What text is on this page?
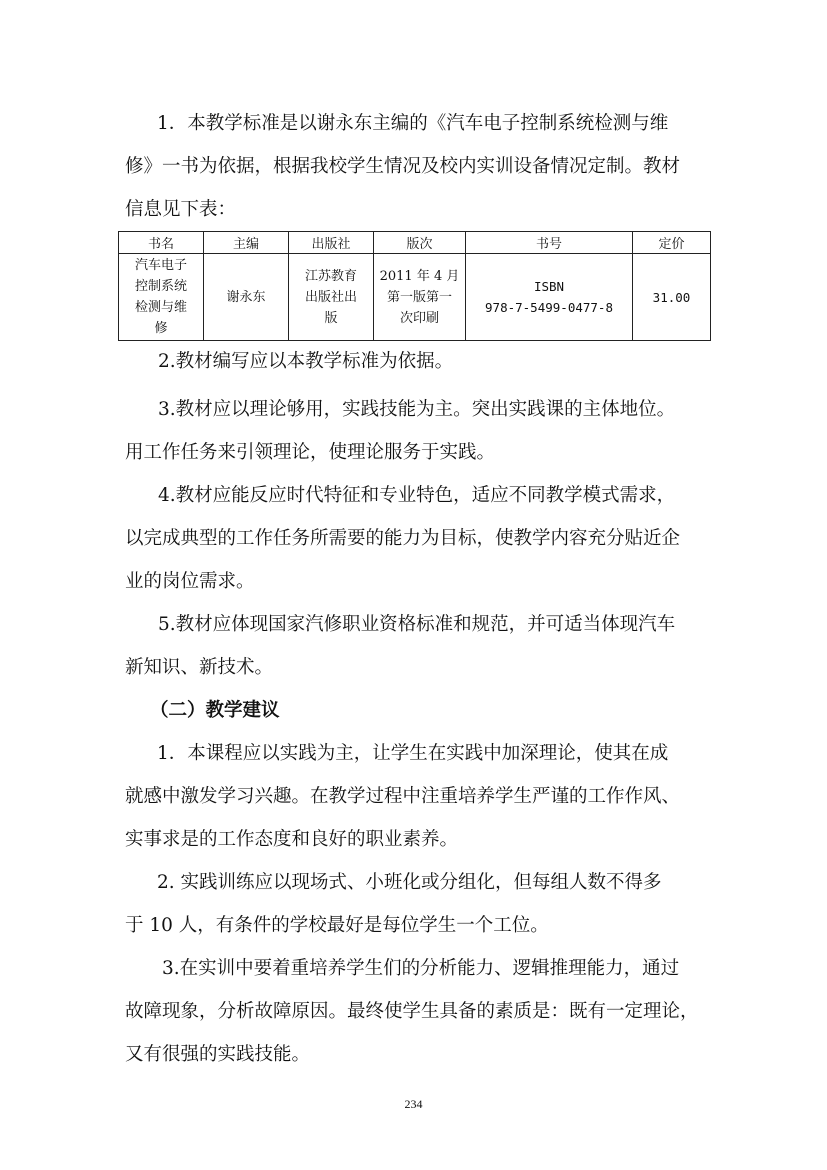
1．本教学标准是以谢永东主编的《汽车电子控制系统检测与维
修》一书为依据，根据我校学生情况及校内实训设备情况定制。教材
信息见下表：
书名	主编	出版社	版次	书号	定价
汽车电子
控制系统
检测与维
修	谢永东	江苏教育
出版社出
版	2011 年 4 月
第一版第一
次印刷	ISBN
978-7-5499-0477-8	31.00
2.教材编写应以本教学标准为依据。
3.教材应以理论够用，实践技能为主。突出实践课的主体地位。
用工作任务来引领理论，使理论服务于实践。
4.教材应能反应时代特征和专业特色，适应不同教学模式需求，
以完成典型的工作任务所需要的能力为目标，使教学内容充分贴近企
业的岗位需求。
5.教材应体现国家汽修职业资格标准和规范，并可适当体现汽车
新知识、新技术。
（二）教学建议
1．本课程应以实践为主，让学生在实践中加深理论，使其在成
就感中激发学习兴趣。在教学过程中注重培养学生严谨的工作作风、
实事求是的工作态度和良好的职业素养。
2. 实践训练应以现场式、小班化或分组化，但每组人数不得多
于 10 人，有条件的学校最好是每位学生一个工位。
3.在实训中要着重培养学生们的分析能力、逻辑推理能力，通过
故障现象，分析故障原因。最终使学生具备的素质是：既有一定理论，
又有很强的实践技能。
234
